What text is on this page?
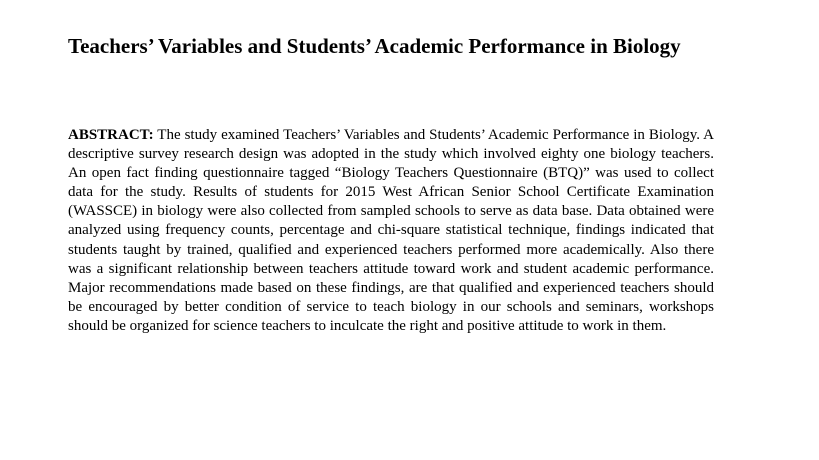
Teachers’ Variables and Students’ Academic Performance in Biology

ABSTRACT: The study examined Teachers’ Variables and Students’ Academic Performance in Biology. A descriptive survey research design was adopted in the study which involved eighty one biology teachers. An open fact finding questionnaire tagged “Biology Teachers Questionnaire (BTQ)” was used to collect data for the study. Results of students for 2015 West African Senior School Certificate Examination (WASSCE) in biology were also collected from sampled schools to serve as data base. Data obtained were analyzed using frequency counts, percentage and chi-square statistical technique, findings indicated that students taught by trained, qualified and experienced teachers performed more academically. Also there was a significant relationship between teachers attitude toward work and student academic performance. Major recommendations made based on these findings, are that qualified and experienced teachers should be encouraged by better condition of service to teach biology in our schools and seminars, workshops should be organized for science teachers to inculcate the right and positive attitude to work in them.
